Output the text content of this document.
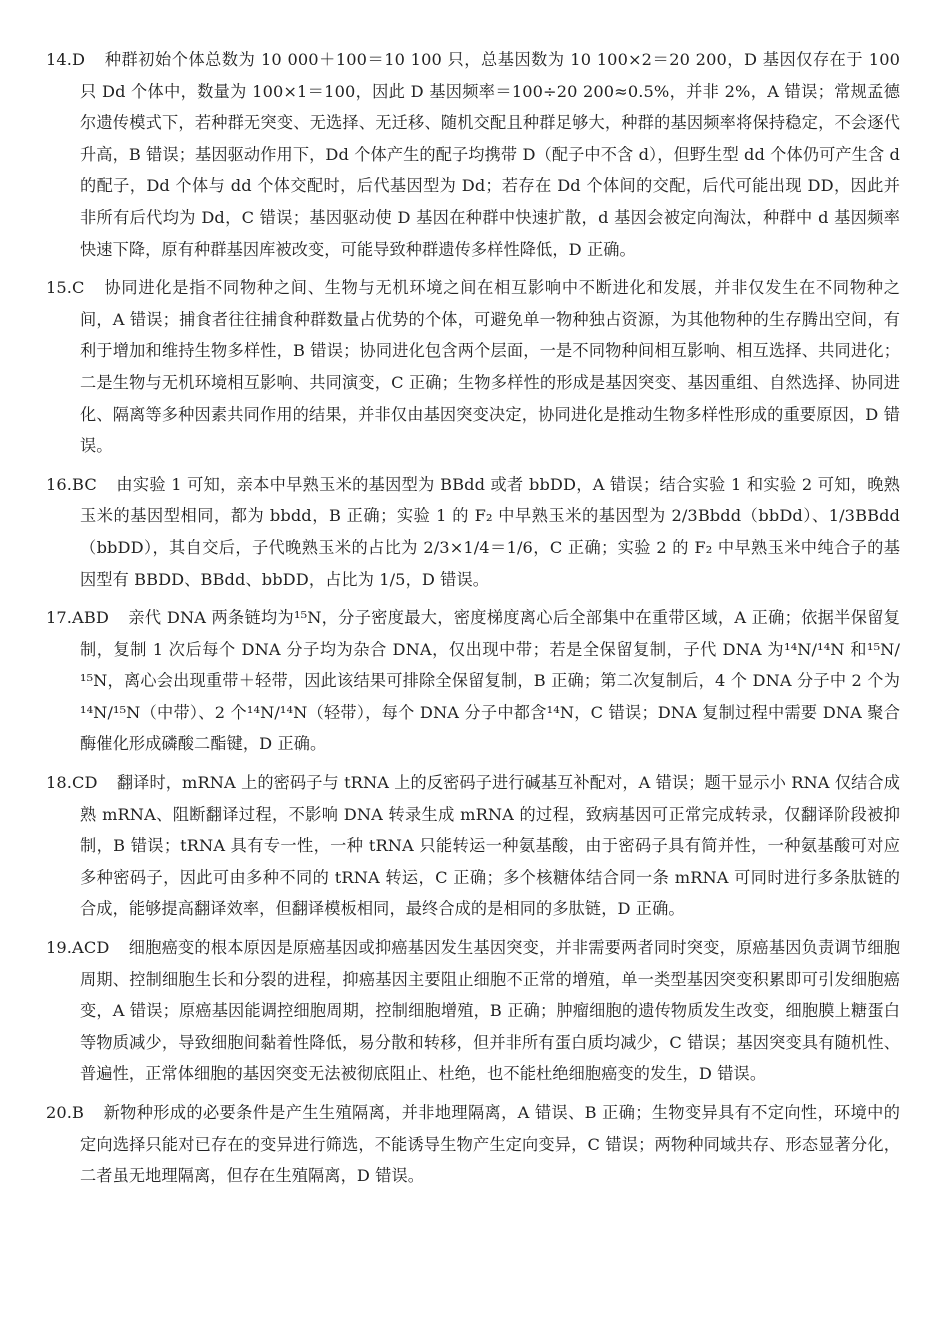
14.D 种群初始个体总数为 10 000＋100＝10 100 只，总基因数为 10 100×2＝20 200，D 基因仅存在于 100 只 Dd 个体中，数量为 100×1＝100，因此 D 基因频率＝100÷20 200≈0.5%，并非 2%，A 错误；常规孟德尔遗传模式下，若种群无突变、无选择、无迁移、随机交配且种群足够大，种群的基因频率将保持稳定，不会逐代升高，B 错误；基因驱动作用下，Dd 个体产生的配子均携带 D（配子中不含 d），但野生型 dd 个体仍可产生含 d 的配子，Dd 个体与 dd 个体交配时，后代基因型为 Dd；若存在 Dd 个体间的交配，后代可能出现 DD，因此并非所有后代均为 Dd，C 错误；基因驱动使 D 基因在种群中快速扩散，d 基因会被定向淘汰，种群中 d 基因频率快速下降，原有种群基因库被改变，可能导致种群遗传多样性降低，D 正确。
15.C 协同进化是指不同物种之间、生物与无机环境之间在相互影响中不断进化和发展，并非仅发生在不同物种之间，A 错误；捕食者往往捕食种群数量占优势的个体，可避免单一物种独占资源，为其他物种的生存腾出空间，有利于增加和维持生物多样性，B 错误；协同进化包含两个层面，一是不同物种间相互影响、相互选择、共同进化；二是生物与无机环境相互影响、共同演变，C 正确；生物多样性的形成是基因突变、基因重组、自然选择、协同进化、隔离等多种因素共同作用的结果，并非仅由基因突变决定，协同进化是推动生物多样性形成的重要原因，D 错误。
16.BC 由实验 1 可知，亲本中早熟玉米的基因型为 BBdd 或者 bbDD，A 错误；结合实验 1 和实验 2 可知，晚熟玉米的基因型相同，都为 bbdd，B 正确；实验 1 的 F₂ 中早熟玉米的基因型为 2/3Bbdd（bbDd）、1/3BBdd（bbDD），其自交后，子代晚熟玉米的占比为 2/3×1/4＝1/6，C 正确；实验 2 的 F₂ 中早熟玉米中纯合子的基因型有 BBDD、BBdd、bbDD，占比为 1/5，D 错误。
17.ABD 亲代 DNA 两条链均为¹⁵N，分子密度最大，密度梯度离心后全部集中在重带区域，A 正确；依据半保留复制，复制 1 次后每个 DNA 分子均为杂合 DNA，仅出现中带；若是全保留复制，子代 DNA 为¹⁴N/¹⁴N 和¹⁵N/¹⁵N，离心会出现重带＋轻带，因此该结果可排除全保留复制，B 正确；第二次复制后，4 个 DNA 分子中 2 个为¹⁴N/¹⁵N（中带）、2 个¹⁴N/¹⁴N（轻带），每个 DNA 分子中都含¹⁴N，C 错误；DNA 复制过程中需要 DNA 聚合酶催化形成磷酸二酯键，D 正确。
18.CD 翻译时，mRNA 上的密码子与 tRNA 上的反密码子进行碱基互补配对，A 错误；题干显示小 RNA 仅结合成熟 mRNA、阻断翻译过程，不影响 DNA 转录生成 mRNA 的过程，致病基因可正常完成转录，仅翻译阶段被抑制，B 错误；tRNA 具有专一性，一种 tRNA 只能转运一种氨基酸，由于密码子具有简并性，一种氨基酸可对应多种密码子，因此可由多种不同的 tRNA 转运，C 正确；多个核糖体结合同一条 mRNA 可同时进行多条肽链的合成，能够提高翻译效率，但翻译模板相同，最终合成的是相同的多肽链，D 正确。
19.ACD 细胞癌变的根本原因是原癌基因或抑癌基因发生基因突变，并非需要两者同时突变，原癌基因负责调节细胞周期、控制细胞生长和分裂的进程，抑癌基因主要阻止细胞不正常的增殖，单一类型基因突变积累即可引发细胞癌变，A 错误；原癌基因能调控细胞周期，控制细胞增殖，B 正确；肿瘤细胞的遗传物质发生改变，细胞膜上糖蛋白等物质减少，导致细胞间黏着性降低，易分散和转移，但并非所有蛋白质均减少，C 错误；基因突变具有随机性、普遍性，正常体细胞的基因突变无法被彻底阻止、杜绝，也不能杜绝细胞癌变的发生，D 错误。
20.B 新物种形成的必要条件是产生生殖隔离，并非地理隔离，A 错误、B 正确；生物变异具有不定向性，环境中的定向选择只能对已存在的变异进行筛选，不能诱导生物产生定向变异，C 错误；两物种同域共存、形态显著分化，二者虽无地理隔离，但存在生殖隔离，D 错误。
